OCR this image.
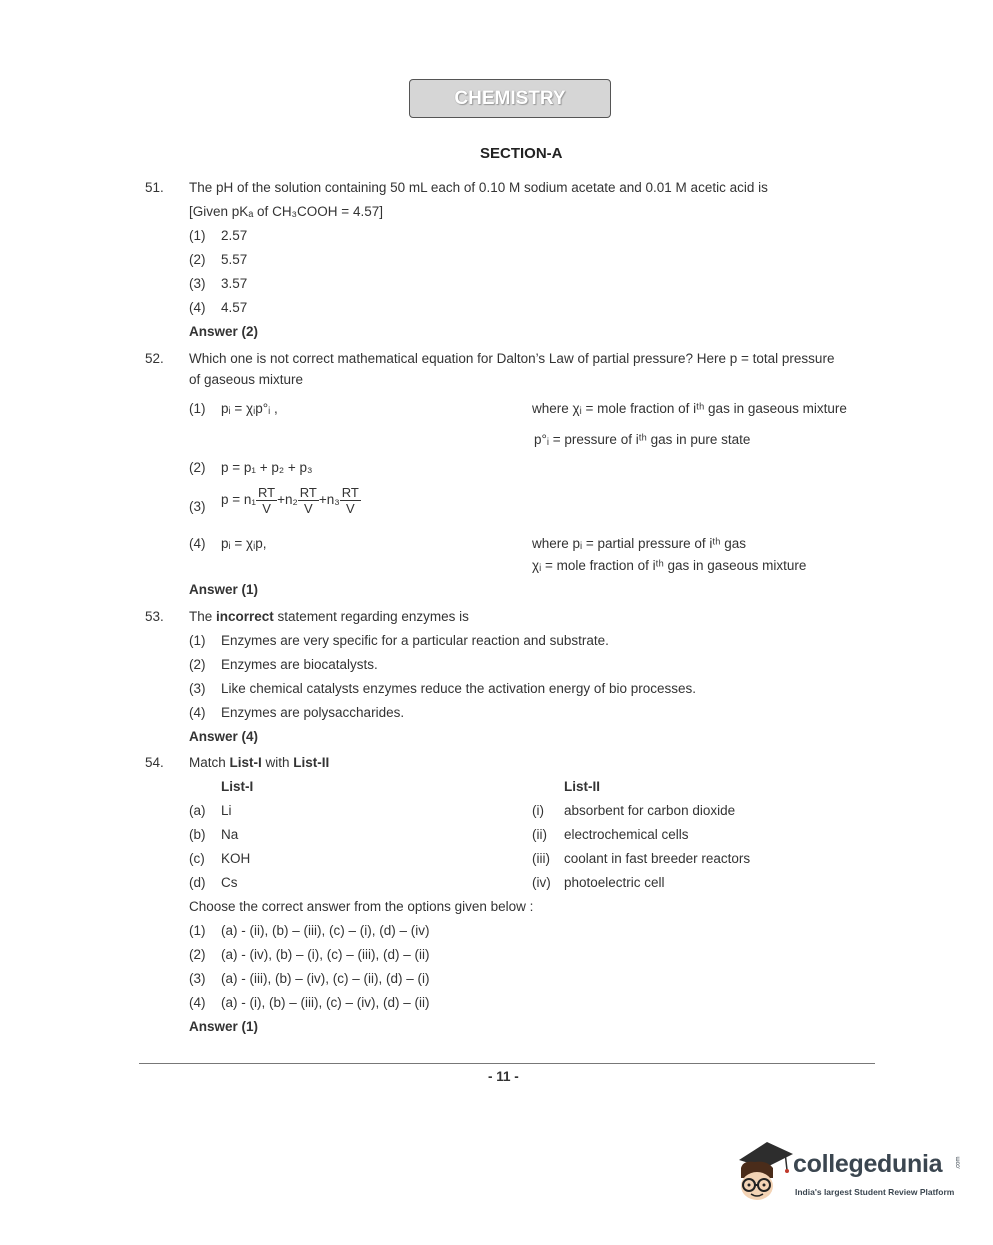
CHEMISTRY
SECTION-A
51. The pH of the solution containing 50 mL each of 0.10 M sodium acetate and 0.01 M acetic acid is
[Given pKₐ of CH₃COOH = 4.57]
(1) 2.57
(2) 5.57
(3) 3.57
(4) 4.57
Answer (2)
52. Which one is not correct mathematical equation for Dalton’s Law of partial pressure? Here p = total pressure
of gaseous mixture
(1) pᵢ = χᵢp°ᵢ ,	where χᵢ = mole fraction of iᵗʰ gas in gaseous mixture
p°ᵢ = pressure of iᵗʰ gas in pure state
(2) p = p₁ + p₂ + p₃
(3) $p = n_1 \frac{RT}{V} +n_2 \frac{RT}{V} +n_3 \frac{RT}{V}$
(4) pᵢ = χᵢp,	where pᵢ = partial pressure of iᵗʰ gas
χᵢ = mole fraction of iᵗʰ gas in gaseous mixture
Answer (1)
53. The incorrect statement regarding enzymes is
(1) Enzymes are very specific for a particular reaction and substrate.
(2) Enzymes are biocatalysts.
(3) Like chemical catalysts enzymes reduce the activation energy of bio processes.
(4) Enzymes are polysaccharides.
Answer (4)
54. Match List-I with List-II
List-I	List-II
(a) Li	(i) absorbent for carbon dioxide
(b) Na	(ii) electrochemical cells
(c) KOH	(iii) coolant in fast breeder reactors
(d) Cs	(iv) photoelectric cell
Choose the correct answer from the options given below :
(1) (a) - (ii), (b) – (iii), (c) – (i), (d) – (iv)
(2) (a) - (iv), (b) – (i), (c) – (iii), (d) – (ii)
(3) (a) - (iii), (b) – (iv), (c) – (ii), (d) – (i)
(4) (a) - (i), (b) – (iii), (c) – (iv), (d) – (ii)
Answer (1)
- 11 -
collegedunia .com
India's largest Student Review Platform
